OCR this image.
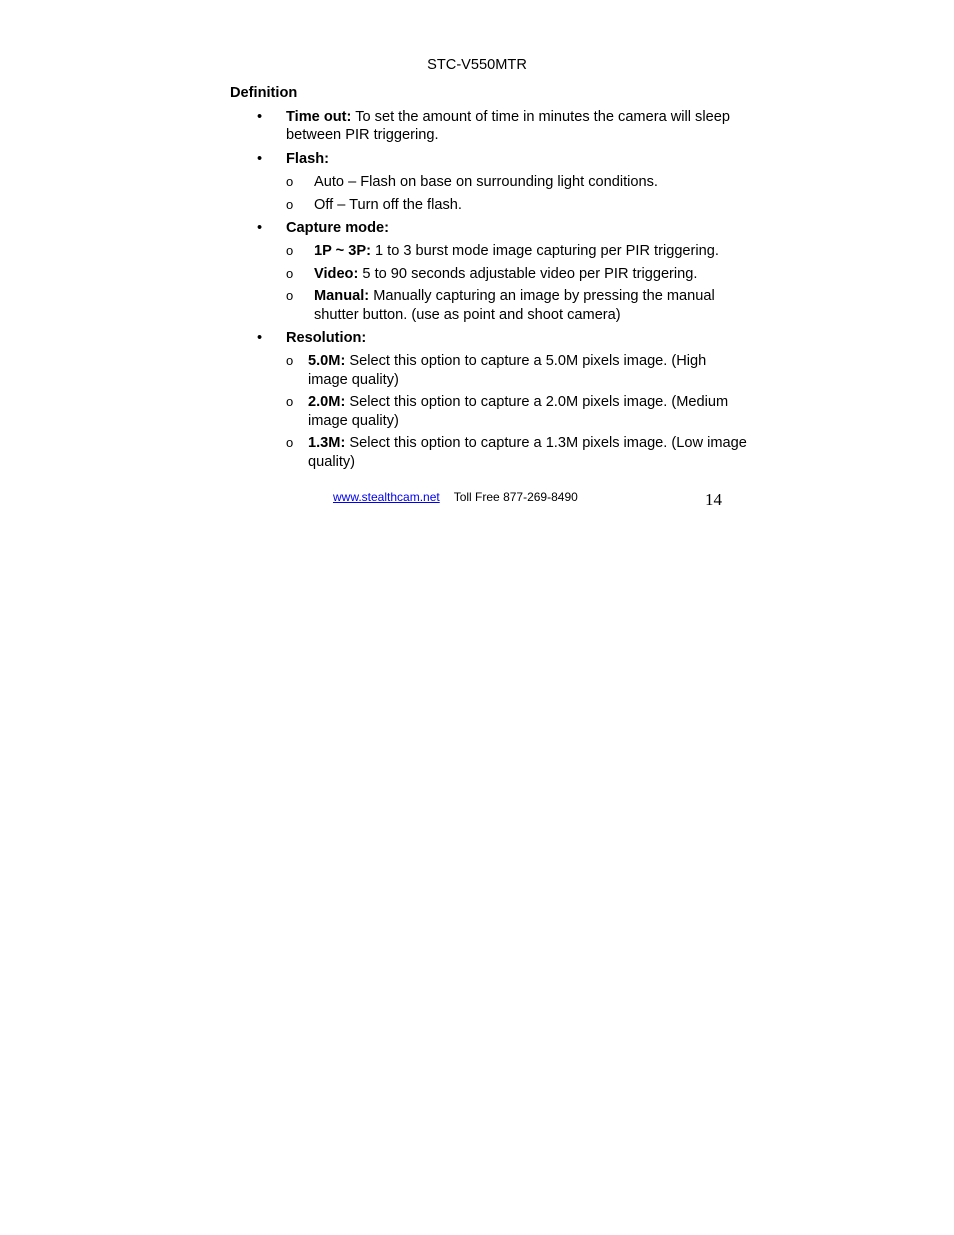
STC-V550MTR
Definition
• Time out: To set the amount of time in minutes the camera will sleep between PIR triggering.
• Flash:
o Auto – Flash on base on surrounding light conditions.
o Off – Turn off the flash.
• Capture mode:
o 1P ~ 3P: 1 to 3 burst mode image capturing per PIR triggering.
o Video: 5 to 90 seconds adjustable video per PIR triggering.
o Manual: Manually capturing an image by pressing the manual shutter button. (use as point and shoot camera)
• Resolution:
o 5.0M: Select this option to capture a 5.0M pixels image. (High image quality)
o 2.0M: Select this option to capture a 2.0M pixels image. (Medium image quality)
o 1.3M: Select this option to capture a 1.3M pixels image. (Low image quality)
www.stealthcam.net Toll Free 877-269-8490	14
